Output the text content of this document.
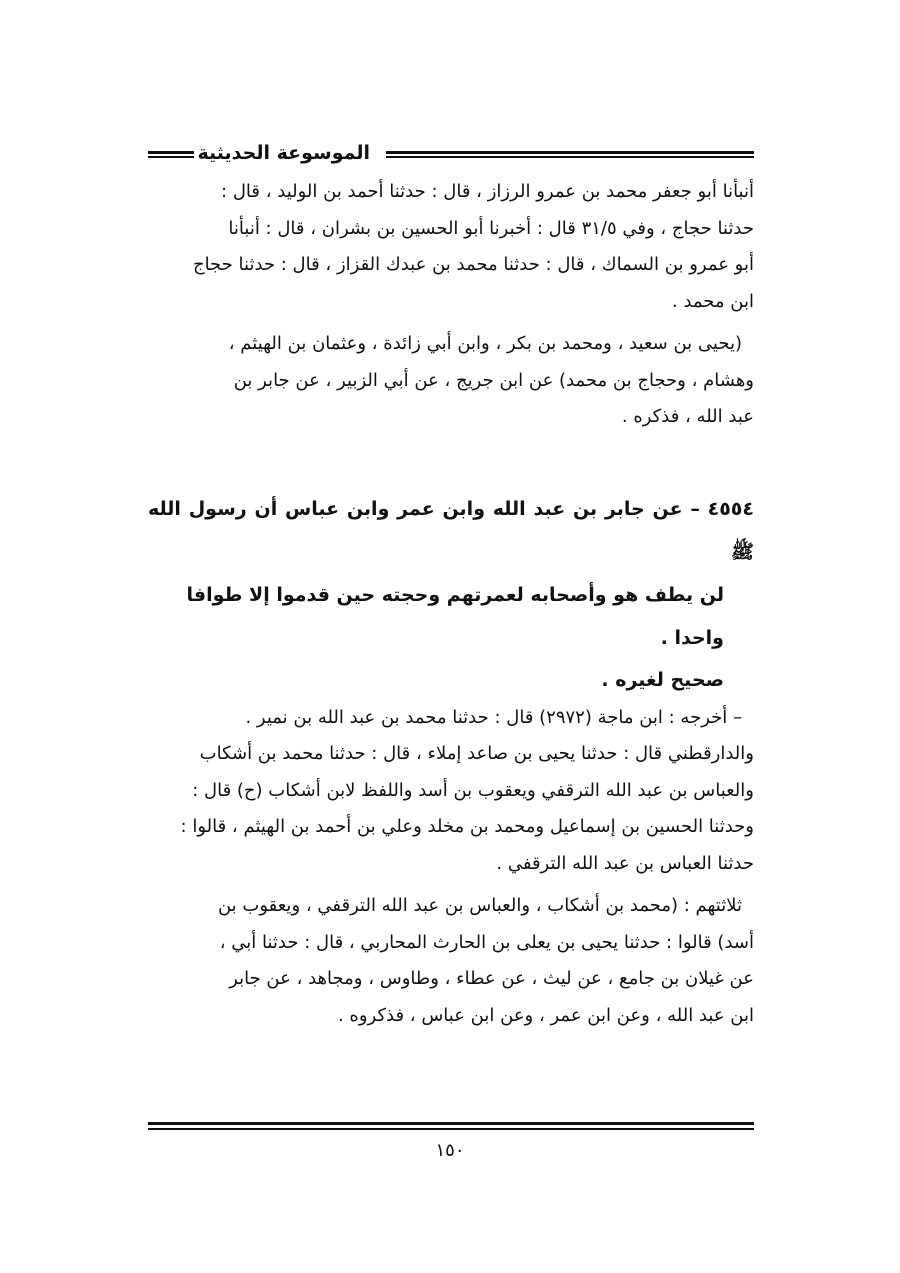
الموسوعة الحديثية

أنبأنا أبو جعفر محمد بن عمرو الرزاز ، قال : حدثنا أحمد بن الوليد ، قال :
حدثنا حجاج ، وفي ٣١/٥ قال : أخبرنا أبو الحسين بن بشران ، قال : أنبأنا
أبو عمرو بن السماك ، قال : حدثنا محمد بن عبدك القزاز ، قال : حدثنا حجاج
ابن محمد .

(يحيى بن سعيد ، ومحمد بن بكر ، وابن أبي زائدة ، وعثمان بن الهيثم ،
وهشام ، وحجاج بن محمد) عن ابن جريج ، عن أبي الزبير ، عن جابر بن
عبد الله ، فذكره .

٤٥٥٤ – عن جابر بن عبد الله وابن عمر وابن عباس أن رسول الله ﷺ
لن يطف هو وأصحابه لعمرتهم وحجته حين قدموا إلا طوافا
واحدا .
صحيح لغيره .

– أخرجه : ابن ماجة (٢٩٧٢) قال : حدثنا محمد بن عبد الله بن نمير .
والدارقطني قال : حدثنا يحيى بن صاعد إملاء ، قال : حدثنا محمد بن أشكاب
والعباس بن عبد الله الترقفي ويعقوب بن أسد واللفظ لابن أشكاب (ح) قال :
وحدثنا الحسين بن إسماعيل ومحمد بن مخلد وعلي بن أحمد بن الهيثم ، قالوا :
حدثنا العباس بن عبد الله الترقفي .

ثلاثتهم : (محمد بن أشكاب ، والعباس بن عبد الله الترقفي ، ويعقوب بن
أسد) قالوا : حدثنا يحيى بن يعلى بن الحارث المحاربي ، قال : حدثنا أبي ،
عن غيلان بن جامع ، عن ليث ، عن عطاء ، وطاوس ، ومجاهد ، عن جابر
ابن عبد الله ، وعن ابن عمر ، وعن ابن عباس ، فذكروه .

١٥٠
